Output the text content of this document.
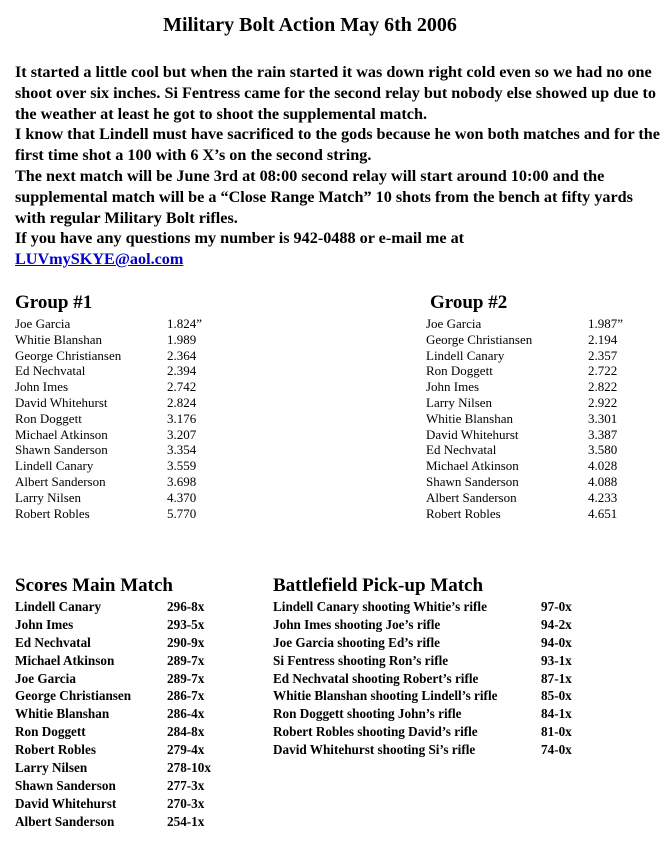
Military Bolt Action May 6th 2006

It started a little cool but when the rain started it was down right cold even so we had no one shoot over six inches. Si Fentress came for the second relay but nobody else showed up due to the weather at least he got to shoot the supplemental match.

I know that Lindell must have sacrificed to the gods because he won both matches and for the first time shot a 100 with 6 X’s on the second string.

The next match will be June 3rd at 08:00 second relay will start around 10:00 and the supplemental match will be a “Close Range Match” 10 shots from the bench at fifty yards with regular Military Bolt rifles.

If you have any questions my number is 942-0488 or e-mail me at

LUVmySKYE@aol.com

Group #1
Joe Garcia	1.824”
Whitie Blanshan	1.989
George Christiansen	2.364
Ed Nechvatal	2.394
John Imes	2.742
David Whitehurst	2.824
Ron Doggett	3.176
Michael Atkinson	3.207
Shawn Sanderson	3.354
Lindell Canary	3.559
Albert Sanderson	3.698
Larry Nilsen	4.370
Robert Robles	5.770
Group #2
Joe Garcia	1.987”
George Christiansen	2.194
Lindell Canary	2.357
Ron Doggett	2.722
John Imes	2.822
Larry Nilsen	2.922
Whitie Blanshan	3.301
David Whitehurst	3.387
Ed Nechvatal	3.580
Michael Atkinson	4.028
Shawn Sanderson	4.088
Albert Sanderson	4.233
Robert Robles	4.651
Scores Main Match
Lindell Canary	296-8x
John Imes	293-5x
Ed Nechvatal	290-9x
Michael Atkinson	289-7x
Joe Garcia	289-7x
George Christiansen	286-7x
Whitie Blanshan	286-4x
Ron Doggett	284-8x
Robert Robles	279-4x
Larry Nilsen	278-10x
Shawn Sanderson	277-3x
David Whitehurst	270-3x
Albert Sanderson	254-1x
Battlefield Pick-up Match
Lindell Canary shooting Whitie’s rifle	97-0x
John Imes shooting Joe’s rifle	94-2x
Joe Garcia shooting Ed’s rifle	94-0x
Si Fentress shooting Ron’s rifle	93-1x
Ed Nechvatal shooting Robert’s rifle	87-1x
Whitie Blanshan shooting Lindell’s rifle	85-0x
Ron Doggett shooting John’s rifle	84-1x
Robert Robles shooting David’s rifle	81-0x
David Whitehurst shooting Si’s rifle	74-0x
